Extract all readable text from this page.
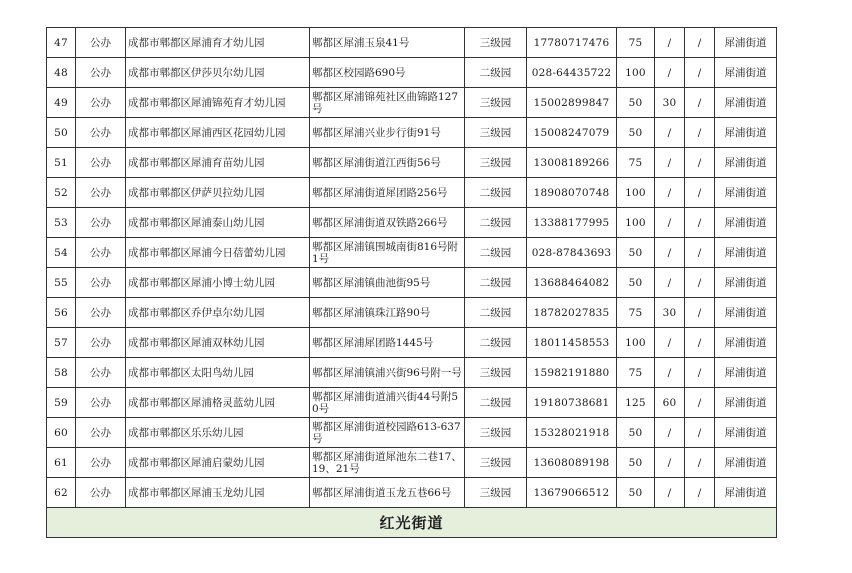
47	公办	成都市郫都区犀浦育才幼儿园	郫都区犀浦玉泉41号	三级园	17780717476	75	/	/	犀浦街道
48	公办	成都市郫都区伊莎贝尔幼儿园	郫都区校园路690号	二级园	028-64435722	100	/	/	犀浦街道
49	公办	成都市郫都区犀浦锦苑育才幼儿园	郫都区犀浦锦苑社区曲锦路127号	三级园	15002899847	50	30	/	犀浦街道
50	公办	成都市郫都区犀浦西区花园幼儿园	郫都区犀浦兴业步行街91号	三级园	15008247079	50	/	/	犀浦街道
51	公办	成都市郫都区犀浦育苗幼儿园	郫都区犀浦街道江西街56号	三级园	13008189266	75	/	/	犀浦街道
52	公办	成都市郫都区伊萨贝拉幼儿园	郫都区犀浦街道犀团路256号	二级园	18908070748	100	/	/	犀浦街道
53	公办	成都市郫都区犀浦泰山幼儿园	郫都区犀浦街道双铁路266号	二级园	13388177995	100	/	/	犀浦街道
54	公办	成都市郫都区犀浦今日蓓蕾幼儿园	郫都区犀浦镇围城南街816号附1号	二级园	028-87843693	50	/	/	犀浦街道
55	公办	成都市郫都区犀浦小博士幼儿园	郫都区犀浦镇曲池街95号	二级园	13688464082	50	/	/	犀浦街道
56	公办	成都市郫都区乔伊卓尔幼儿园	郫都区犀浦镇珠江路90号	二级园	18782027835	75	30	/	犀浦街道
57	公办	成都市郫都区犀浦双林幼儿园	郫都区犀浦犀团路1445号	二级园	18011458553	100	/	/	犀浦街道
58	公办	成都市郫都区太阳鸟幼儿园	郫都区犀浦镇浦兴街96号附一号	三级园	15982191880	75	/	/	犀浦街道
59	公办	成都市郫都区犀浦格灵蓝幼儿园	郫都区犀浦街道浦兴街44号附50号	二级园	19180738681	125	60	/	犀浦街道
60	公办	成都市郫都区乐乐幼儿园	郫都区犀浦街道校园路613-637号	三级园	15328021918	50	/	/	犀浦街道
61	公办	成都市郫都区犀浦启蒙幼儿园	郫都区犀浦街道犀池东二巷17、19、21号	三级园	13608089198	50	/	/	犀浦街道
62	公办	成都市郫都区犀浦玉龙幼儿园	郫都区犀浦街道玉龙五巷66号	三级园	13679066512	50	/	/	犀浦街道
红光街道									
